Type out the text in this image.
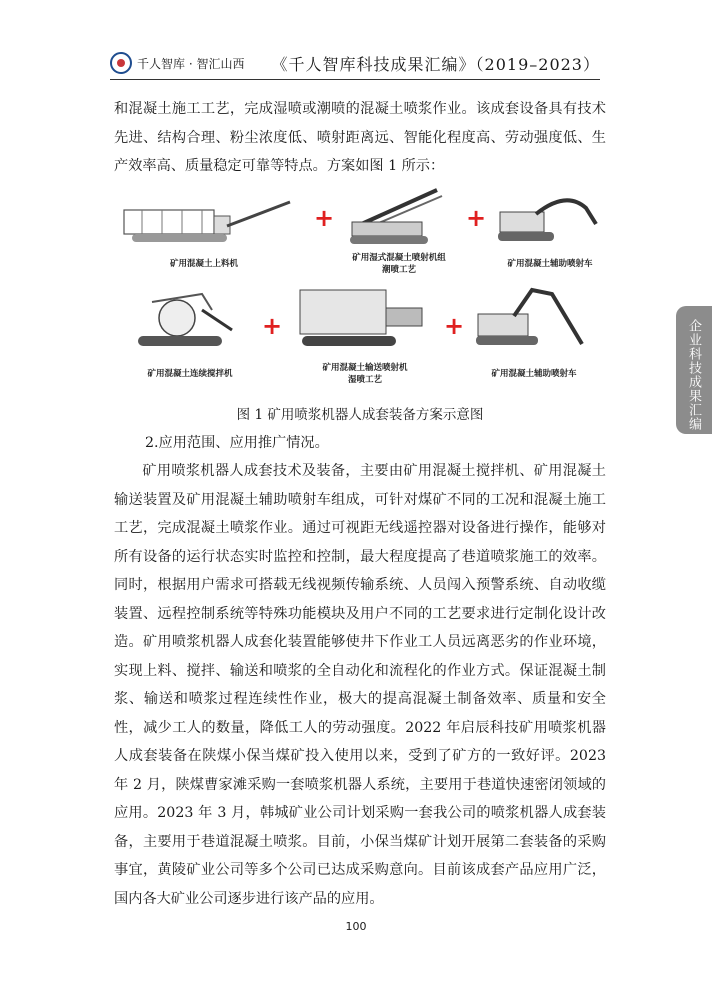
千人智库 · 智汇山西 《千人智库科技成果汇编》（2019–2023）

和混凝土施工工艺，完成湿喷或潮喷的混凝土喷浆作业。该成套设备具有技术先进、结构合理、粉尘浓度低、喷射距离远、智能化程度高、劳动强度低、生产效率高、质量稳定可靠等特点。方案如图 1 所示：

+	+
矿用混凝土上料机
矿用湿式混凝土喷射机组
潮喷工艺
矿用混凝土辅助喷射车
+	+
矿用混凝土连续搅拌机
矿用混凝土输送喷射机
湿喷工艺
矿用混凝土辅助喷射车

图 1 矿用喷浆机器人成套装备方案示意图

2.应用范围、应用推广情况。

矿用喷浆机器人成套技术及装备，主要由矿用混凝土搅拌机、矿用混凝土输送装置及矿用混凝土辅助喷射车组成，可针对煤矿不同的工况和混凝土施工工艺，完成混凝土喷浆作业。通过可视距无线遥控器对设备进行操作，能够对所有设备的运行状态实时监控和控制，最大程度提高了巷道喷浆施工的效率。同时，根据用户需求可搭载无线视频传输系统、人员闯入预警系统、自动收缆装置、远程控制系统等特殊功能模块及用户不同的工艺要求进行定制化设计改造。矿用喷浆机器人成套化装置能够使井下作业工人员远离恶劣的作业环境，实现上料、搅拌、输送和喷浆的全自动化和流程化的作业方式。保证混凝土制浆、输送和喷浆过程连续性作业，极大的提高混凝土制备效率、质量和安全性，减少工人的数量，降低工人的劳动强度。2022 年启辰科技矿用喷浆机器人成套装备在陕煤小保当煤矿投入使用以来，受到了矿方的一致好评。2023 年 2 月，陕煤曹家滩采购一套喷浆机器人系统，主要用于巷道快速密闭领域的应用。2023 年 3 月，韩城矿业公司计划采购一套我公司的喷浆机器人成套装备，主要用于巷道混凝土喷浆。目前，小保当煤矿计划开展第二套装备的采购事宜，黄陵矿业公司等多个公司已达成采购意向。目前该成套产品应用广泛，国内各大矿业公司逐步进行该产品的应用。

企业科技成果汇编
100
